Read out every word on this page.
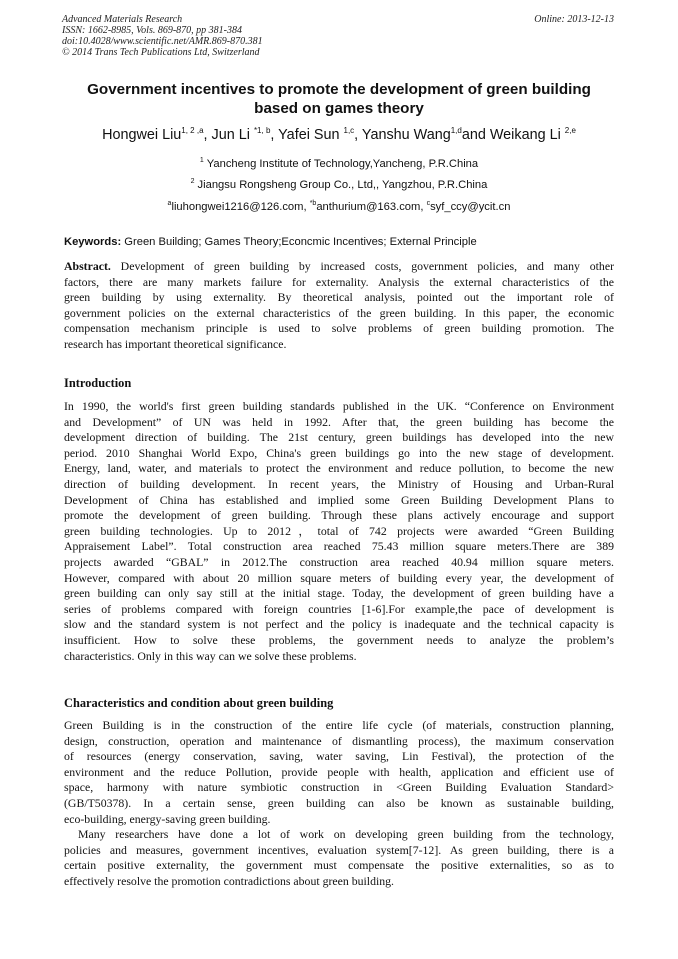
Advanced Materials Research
ISSN: 1662-8985, Vols. 869-870, pp 381-384
doi:10.4028/www.scientific.net/AMR.869-870.381
© 2014 Trans Tech Publications Ltd, Switzerland
Online: 2013-12-13
Government incentives to promote the development of green building
based on games theory
Hongwei Liu$^{1, 2 ,a}$, Jun Li $^{*1, b}$, Yafei Sun $^{1,c}$, Yanshu Wang$^{1,d}$and Weikang Li $^{2,e}$
$^1$ Yancheng Institute of Technology,Yancheng, P.R.China
$^2$ Jiangsu Rongsheng Group Co., Ltd,, Yangzhou, P.R.China
$^a$liuhongwei1216@126.com, $^{*b}$anthurium@163.com, $^c$syf_ccy@ycit.cn
Keywords: Green Building; Games Theory;Econcmic Incentives; External Principle
Abstract. Development of green building by increased costs, government policies, and many other
factors, there are many markets failure for externality. Analysis the external characteristics of the
green building by using externality. By theoretical analysis, pointed out the important role of
government policies on the external characteristics of the green building. In this paper, the economic
compensation mechanism principle is used to solve problems of green building promotion. The
research has important theoretical significance.
Introduction
In 1990, the world's first green building standards published in the UK. “Conference on Environment
and Development” of UN was held in 1992. After that, the green building has become the
development direction of building. The 21st century, green buildings has developed into the new
period. 2010 Shanghai World Expo, China's green buildings go into the new stage of development.
Energy, land, water, and materials to protect the environment and reduce pollution, to become the new
direction of building development. In recent years, the Ministry of Housing and Urban-Rural
Development of China has established and implied some Green Building Development Plans to
promote the development of green building. Through these plans actively encourage and support
green building technologies. Up to 2012，total of 742 projects were awarded “Green Building
Appraisement Label”. Total construction area reached 75.43 million square meters.There are 389
projects awarded “GBAL” in 2012.The construction area reached 40.94 million square meters.
However, compared with about 20 million square meters of building every year, the development of
green building can only say still at the initial stage. Today, the development of green building have a
series of problems compared with foreign countries [1-6].For example,the pace of development is
slow and the standard system is not perfect and the policy is inadequate and the technical capacity is
insufficient. How to solve these problems, the government needs to analyze the problem’s
characteristics. Only in this way can we solve these problems.
Characteristics and condition about green building
Green Building is in the construction of the entire life cycle (of materials, construction planning,
design, construction, operation and maintenance of dismantling process), the maximum conservation
of resources (energy conservation, saving, water saving, Lin Festival), the protection of the
environment and the reduce Pollution, provide people with health, application and efficient use of
space, harmony with nature symbiotic construction in <Green Building Evaluation Standard>
(GB/T50378). In a certain sense, green building can also be known as sustainable building,
eco-building, energy-saving green building.
Many researchers have done a lot of work on developing green building from the technology,
policies and measures, government incentives, evaluation system[7-12]. As green building, there is a
certain positive externality, the government must compensate the positive externalities, so as to
effectively resolve the promotion contradictions about green building.
